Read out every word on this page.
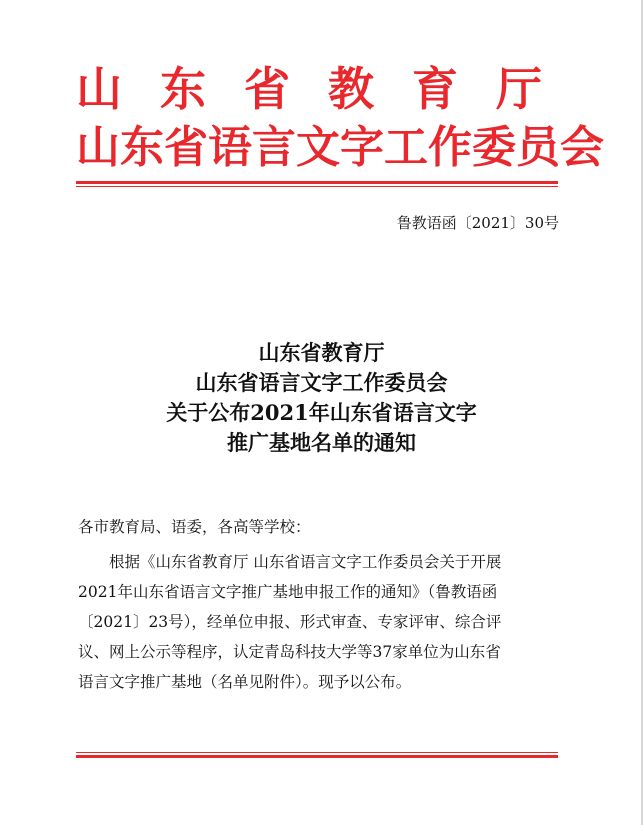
山东省教育厅
山东省语言文字工作委员会
鲁教语函〔2021〕30号
山东省教育厅
山东省语言文字工作委员会
关于公布2021年山东省语言文字
推广基地名单的通知
各市教育局、语委，各高等学校：
根据《山东省教育厅 山东省语言文字工作委员会关于开展
2021年山东省语言文字推广基地申报工作的通知》（鲁教语函
〔2021〕23号），经单位申报、形式审查、专家评审、综合评
议、网上公示等程序，认定青岛科技大学等37家单位为山东省
语言文字推广基地（名单见附件）。现予以公布。
